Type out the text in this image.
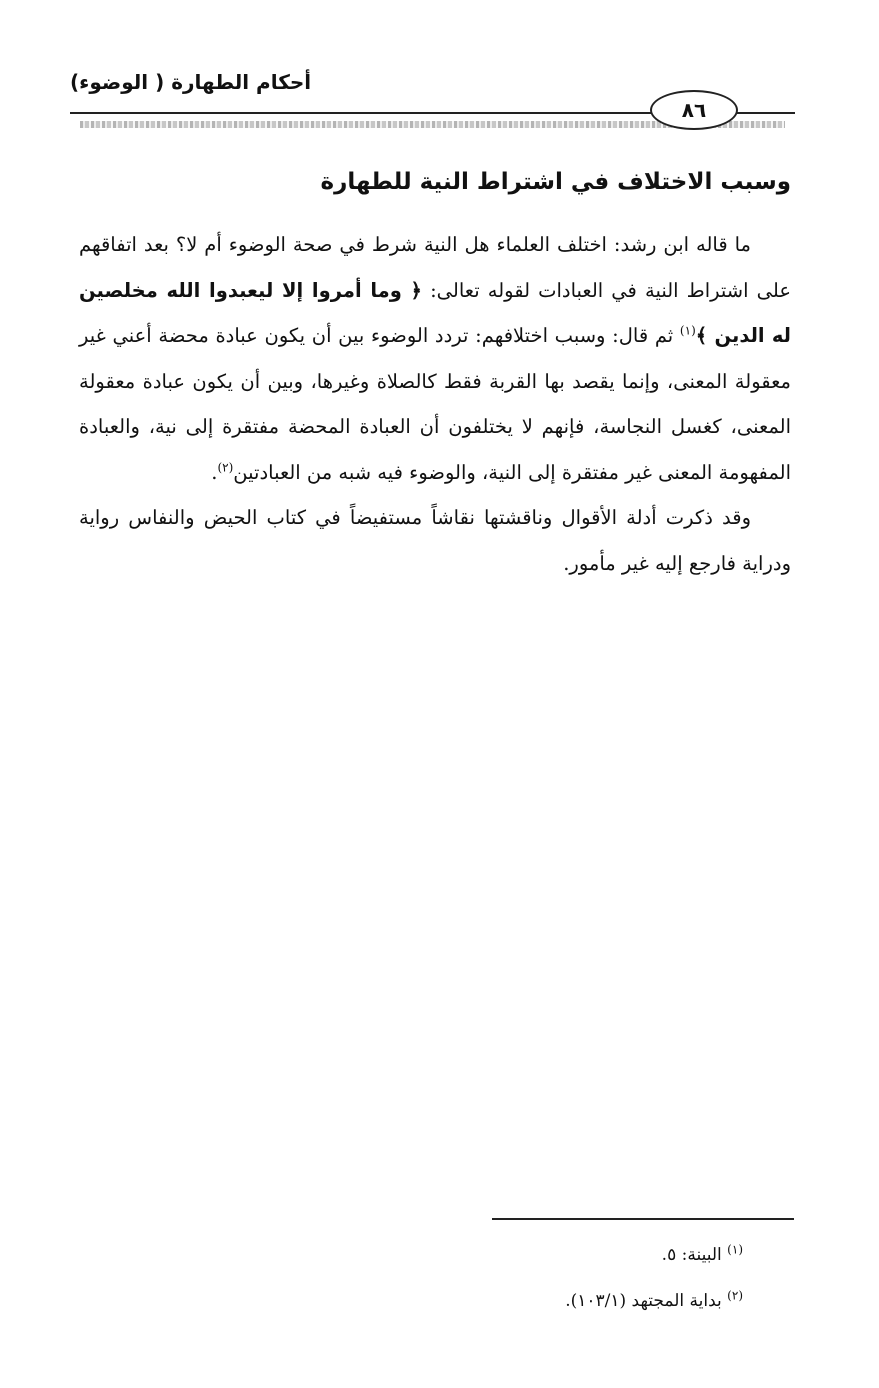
أحكام الطهارة ( الوضوء)
٨٦
وسبب الاختلاف في اشتراط النية للطهارة

ما قاله ابن رشد: اختلف العلماء هل النية شرط في صحة الوضوء أم لا؟ بعد اتفاقهم على اشتراط النية في العبادات لقوله تعالى: ﴿ وما أمروا إلا ليعبدوا الله مخلصين له الدين ﴾$^{(١)}$ ثم قال: وسبب اختلافهم: تردد الوضوء بين أن يكون عبادة محضة أعني غير معقولة المعنى، وإنما يقصد بها القربة فقط كالصلاة وغيرها، وبين أن يكون عبادة معقولة المعنى، كغسل النجاسة، فإنهم لا يختلفون أن العبادة المحضة مفتقرة إلى نية، والعبادة المفهومة المعنى غير مفتقرة إلى النية، والوضوء فيه شبه من العبادتين$^{(٢)}$.

وقد ذكرت أدلة الأقوال وناقشتها نقاشاً مستفيضاً في كتاب الحيض والنفاس رواية ودراية فارجع إليه غير مأمور.

$^{(١)}$ البينة: ٥.
$^{(٢)}$ بداية المجتهد (١٠٣/١).
